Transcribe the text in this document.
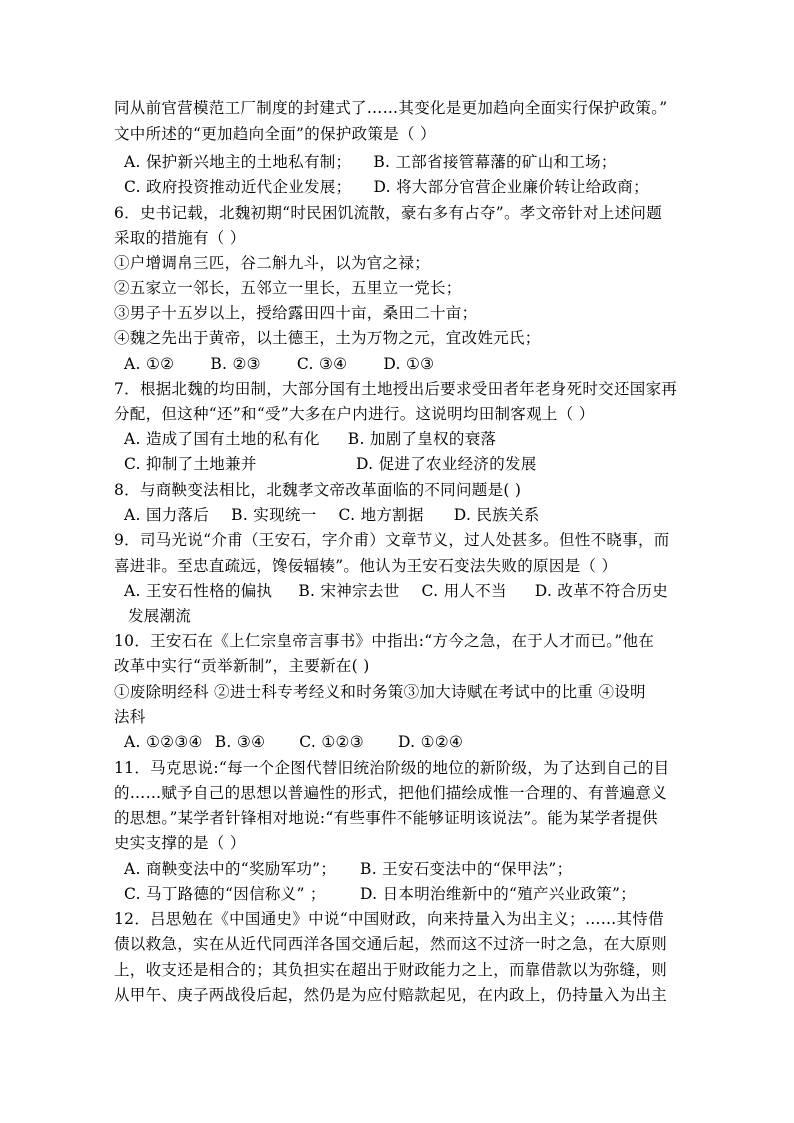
同从前官营模范工厂制度的封建式了……其变化是更加趋向全面实行保护政策。”
文中所述的“更加趋向全面”的保护政策是（ ）
A. 保护新兴地主的土地私有制； B. 工部省接管幕藩的矿山和工场；
C. 政府投资推动近代企业发展； D. 将大部分官营企业廉价转让给政商；
6．史书记载，北魏初期“时民困饥流散，豪右多有占夺”。孝文帝针对上述问题
采取的措施有（ ）
①户增调帛三匹，谷二斛九斗，以为官之禄；
②五家立一邻长，五邻立一里长，五里立一党长；
③男子十五岁以上，授给露田四十亩，桑田二十亩；
④魏之先出于黄帝，以土德王，土为万物之元，宜改姓元氏；
A. ①② B. ②③ C. ③④ D. ①③
7．根据北魏的均田制，大部分国有土地授出后要求受田者年老身死时交还国家再
分配，但这种“还”和“受”大多在户内进行。这说明均田制客观上（ ）
A. 造成了国有土地的私有化 B. 加剧了皇权的衰落
C. 抑制了土地兼并	D. 促进了农业经济的发展
8．与商鞅变法相比，北魏孝文帝改革面临的不同问题是( )
A. 国力落后 B. 实现统一 C. 地方割据 D. 民族关系
9．司马光说“介甫（王安石，字介甫）文章节义，过人处甚多。但性不晓事，而
喜进非。至忠直疏远，馋佞辐辏”。他认为王安石变法失败的原因是（ ）
A. 王安石性格的偏执 B. 宋神宗去世 C. 用人不当 D. 改革不符合历史
发展潮流
10．王安石在《上仁宗皇帝言事书》中指出:“方今之急，在于人才而已。”他在
改革中实行“贡举新制”，主要新在( )
①废除明经科 ②进士科专考经义和时务策③加大诗赋在考试中的比重 ④设明
法科
A. ①②③④ B. ③④ C. ①②③ D. ①②④
11．马克思说:“每一个企图代替旧统治阶级的地位的新阶级，为了达到自己的目
的……赋予自己的思想以普遍性的形式，把他们描绘成惟一合理的、有普遍意义
的思想。”某学者针锋相对地说:“有些事件不能够证明该说法”。能为某学者提供
史实支撑的是（ ）
A. 商鞅变法中的“奖励军功”； B. 王安石变法中的“保甲法”；
C. 马丁路德的“因信称义” ； D. 日本明治维新中的“殖产兴业政策”；
12．吕思勉在《中国通史》中说“中国财政，向来持量入为出主义；……其恃借
债以救急，实在从近代同西洋各国交通后起，然而这不过济一时之急，在大原则
上，收支还是相合的；其负担实在超出于财政能力之上，而靠借款以为弥缝，则
从甲午、庚子两战役后起，然仍是为应付赔款起见，在内政上，仍持量入为出主
